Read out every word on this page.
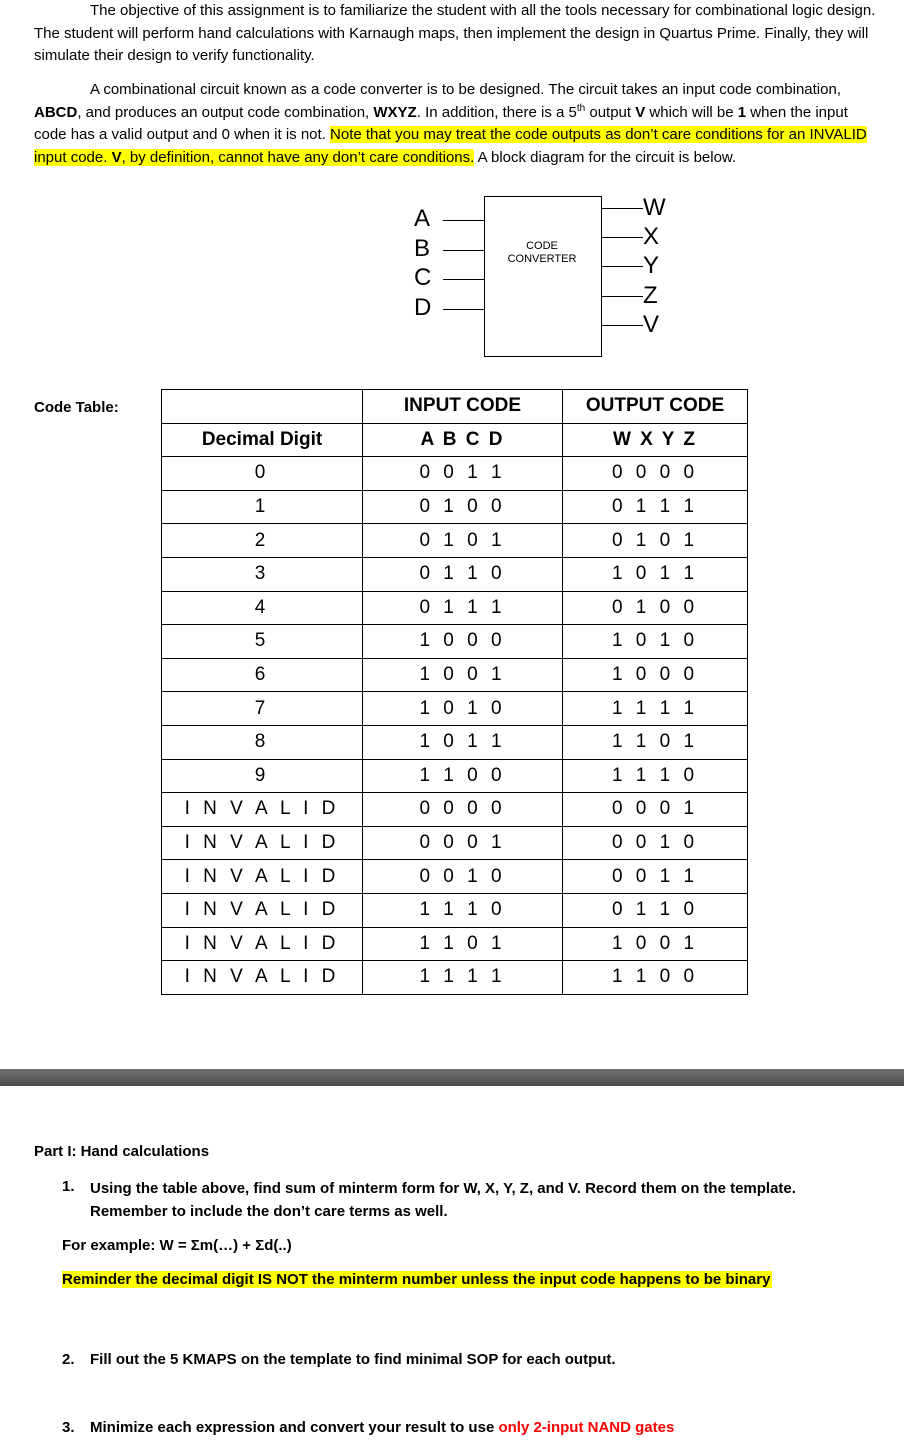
The objective of this assignment is to familiarize the student with all the tools necessary for combinational logic design. The student will perform hand calculations with Karnaugh maps, then implement the design in Quartus Prime. Finally, they will simulate their design to verify functionality.
A combinational circuit known as a code converter is to be designed. The circuit takes an input code combination, ABCD, and produces an output code combination, WXYZ. In addition, there is a 5th output V which will be 1 when the input code has a valid output and 0 when it is not. Note that you may treat the code outputs as don’t care conditions for an INVALID input code. V, by definition, cannot have any don’t care conditions. A block diagram for the circuit is below.
A
B
C
D
CODE
CONVERTER
W
X
Y
Z
V
Code Table:
		INPUT CODE	OUTPUT CODE
Decimal Digit	A B C D	W X Y Z
0	0 0 1 1	0 0 0 0
1	0 1 0 0	0 1 1 1
2	0 1 0 1	0 1 0 1
3	0 1 1 0	1 0 1 1
4	0 1 1 1	0 1 0 0
5	1 0 0 0	1 0 1 0
6	1 0 0 1	1 0 0 0
7	1 0 1 0	1 1 1 1
8	1 0 1 1	1 1 0 1
9	1 1 0 0	1 1 1 0
I N V A L I D	0 0 0 0	0 0 0 1
I N V A L I D	0 0 0 1	0 0 1 0
I N V A L I D	0 0 1 0	0 0 1 1
I N V A L I D	1 1 1 0	0 1 1 0
I N V A L I D	1 1 0 1	1 0 0 1
I N V A L I D	1 1 1 1	1 1 0 0
Part I: Hand calculations
1. Using the table above, find sum of minterm form for W, X, Y, Z, and V. Record them on the template.
Remember to include the don’t care terms as well.
For example: W = Σm(…) + Σd(..)
Reminder the decimal digit IS NOT the minterm number unless the input code happens to be binary
2. Fill out the 5 KMAPS on the template to find minimal SOP for each output.
3. Minimize each expression and convert your result to use only 2-input NAND gates
